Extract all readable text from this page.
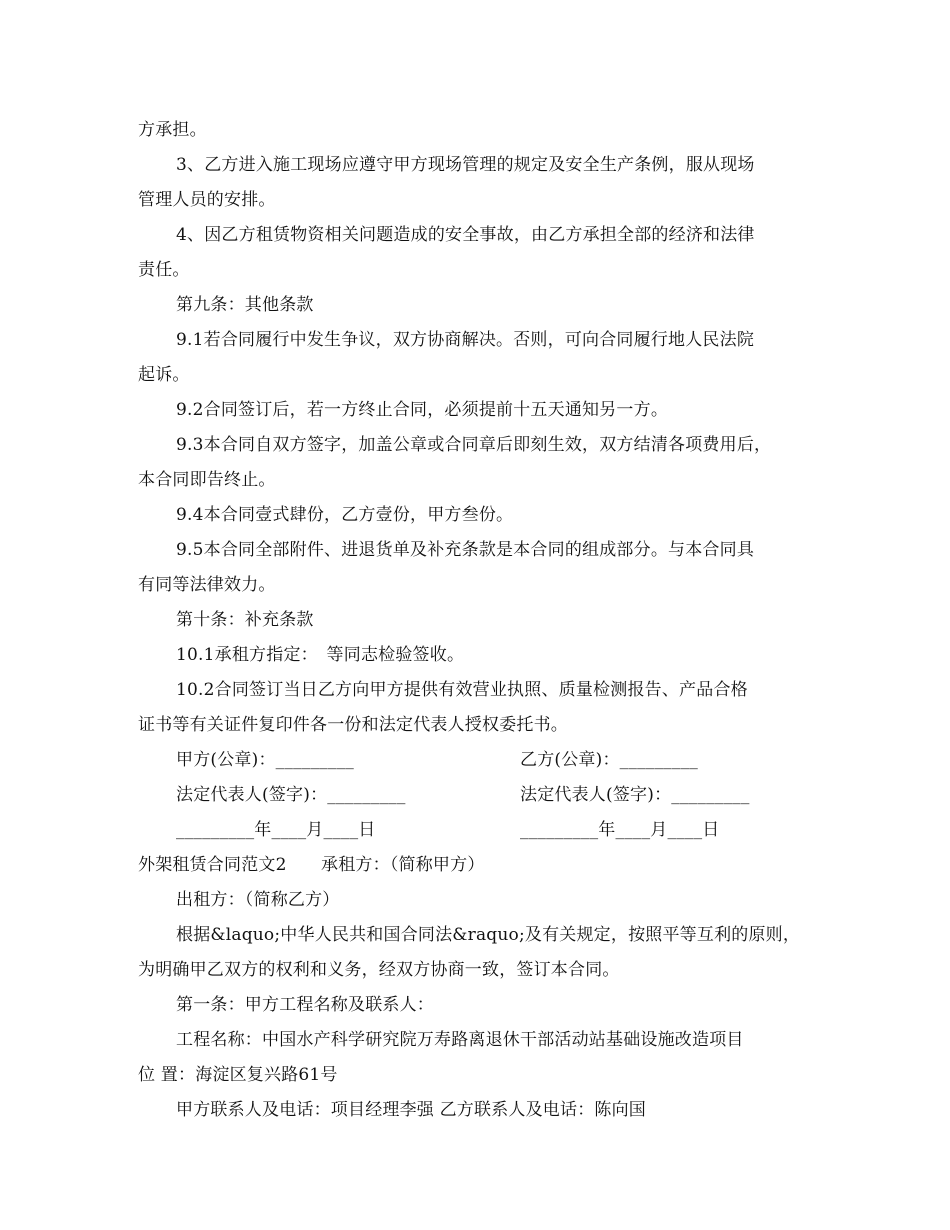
方承担。
3、乙方进入施工现场应遵守甲方现场管理的规定及安全生产条例，服从现场
管理人员的安排。
4、因乙方租赁物资相关问题造成的安全事故，由乙方承担全部的经济和法律
责任。
第九条：其他条款
9.1若合同履行中发生争议，双方协商解决。否则，可向合同履行地人民法院
起诉。
9.2合同签订后，若一方终止合同，必须提前十五天通知另一方。
9.3本合同自双方签字，加盖公章或合同章后即刻生效，双方结清各项费用后，
本合同即告终止。
9.4本合同壹式肆份，乙方壹份，甲方叁份。
9.5本合同全部附件、进退货单及补充条款是本合同的组成部分。与本合同具
有同等法律效力。
第十条：补充条款
10.1承租方指定：　等同志检验签收。
10.2合同签订当日乙方向甲方提供有效营业执照、质量检测报告、产品合格
证书等有关证件复印件各一份和法定代表人授权委托书。
甲方(公章)：_________	乙方(公章)：_________
法定代表人(签字)：_________	法定代表人(签字)：_________
_________年____月____日	_________年____月____日
外架租赁合同范文2　　承租方：（简称甲方）
出租方：（简称乙方）
根据&laquo;中华人民共和国合同法&raquo;及有关规定，按照平等互利的原则，
为明确甲乙双方的权利和义务，经双方协商一致，签订本合同。
第一条：甲方工程名称及联系人：
工程名称：中国水产科学研究院万寿路离退休干部活动站基础设施改造项目
位 置：海淀区复兴路61号
甲方联系人及电话：项目经理李强 乙方联系人及电话：陈向国
